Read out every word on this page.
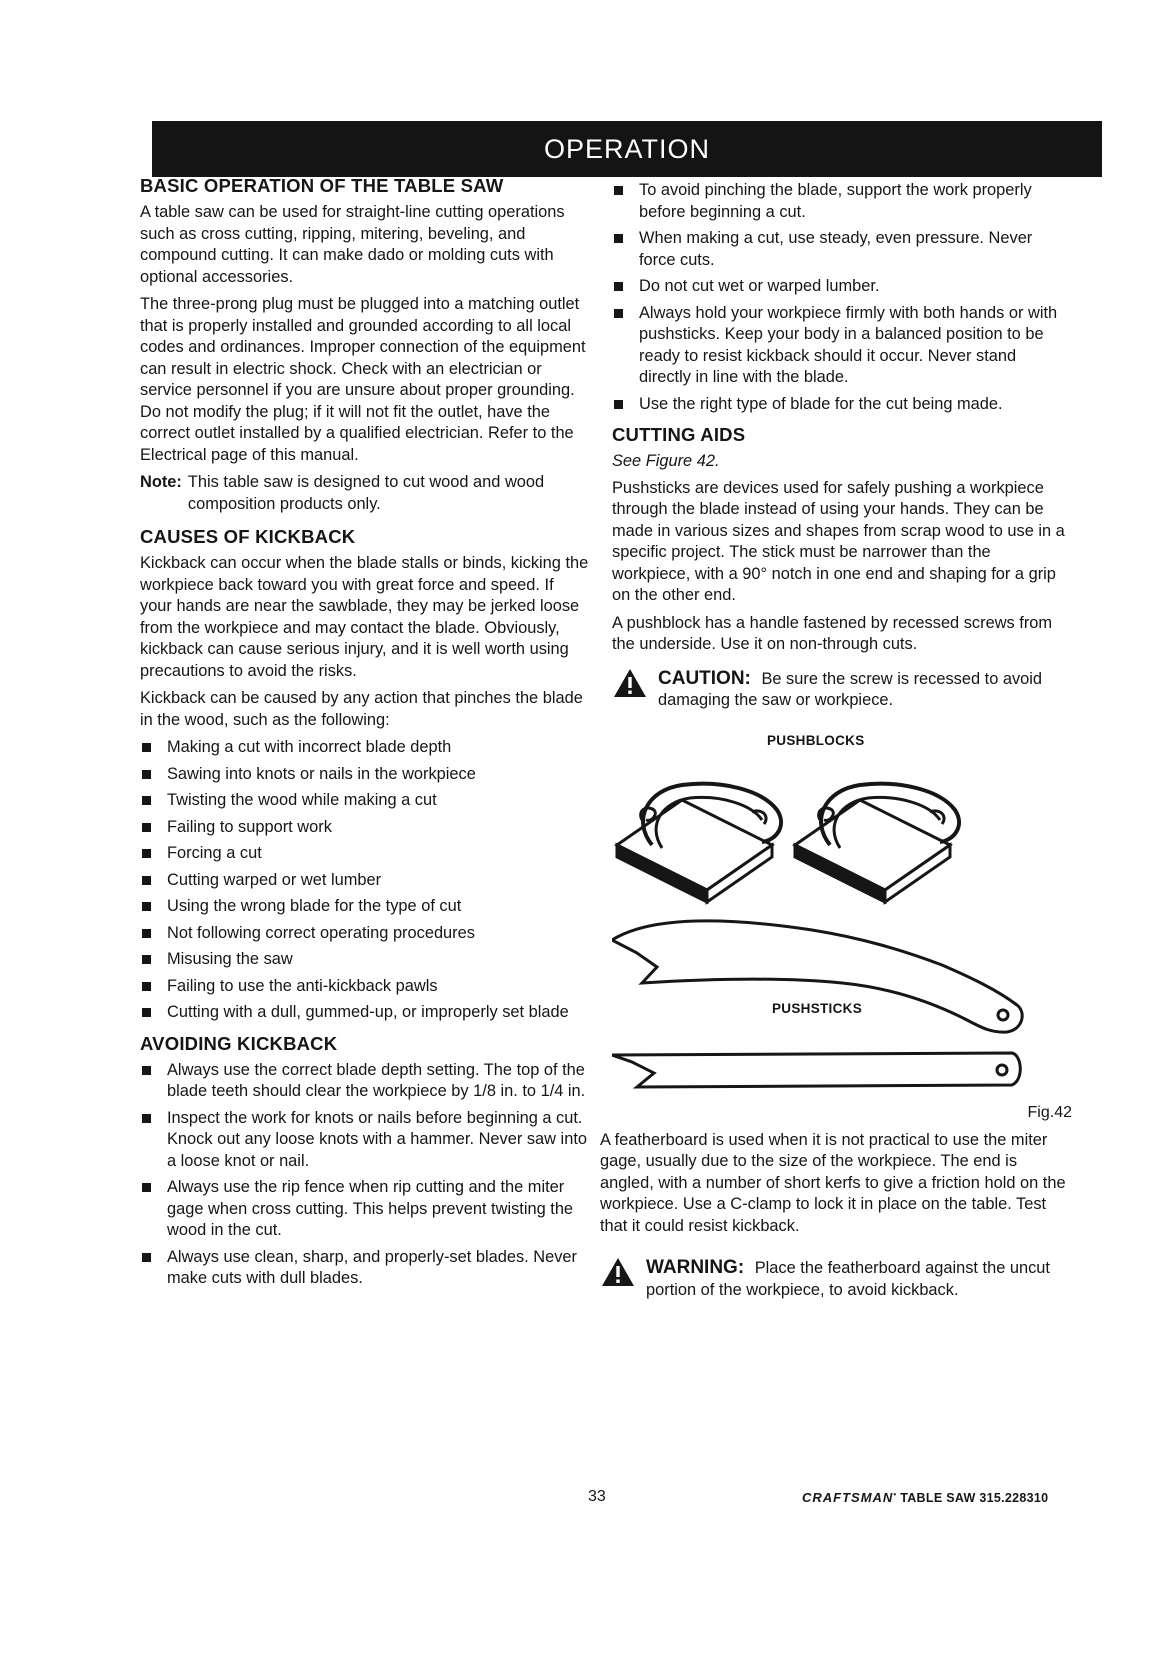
OPERATION
BASIC OPERATION OF THE TABLE SAW

A table saw can be used for straight-line cutting operations such as cross cutting, ripping, mitering, beveling, and compound cutting. It can make dado or molding cuts with optional accessories.

The three-prong plug must be plugged into a matching outlet that is properly installed and grounded according to all local codes and ordinances. Improper connection of the equipment can result in electric shock. Check with an electrician or service personnel if you are unsure about proper grounding. Do not modify the plug; if it will not fit the outlet, have the correct outlet installed by a qualified electrician. Refer to the Electrical page of this manual.

Note: This table saw is designed to cut wood and wood composition products only.
CAUSES OF KICKBACK

Kickback can occur when the blade stalls or binds, kicking the workpiece back toward you with great force and speed. If your hands are near the sawblade, they may be jerked loose from the workpiece and may contact the blade. Obviously, kickback can cause serious injury, and it is well worth using precautions to avoid the risks.

Kickback can be caused by any action that pinches the blade in the wood, such as the following:

Making a cut with incorrect blade depth
Sawing into knots or nails in the workpiece
Twisting the wood while making a cut
Failing to support work
Forcing a cut
Cutting warped or wet lumber
Using the wrong blade for the type of cut
Not following correct operating procedures
Misusing the saw
Failing to use the anti-kickback pawls
Cutting with a dull, gummed-up, or improperly set blade
AVOIDING KICKBACK
Always use the correct blade depth setting. The top of the blade teeth should clear the workpiece by 1/8 in. to 1/4 in.
Inspect the work for knots or nails before beginning a cut. Knock out any loose knots with a hammer. Never saw into a loose knot or nail.
Always use the rip fence when rip cutting and the miter gage when cross cutting. This helps prevent twisting the wood in the cut.
Always use clean, sharp, and properly-set blades. Never make cuts with dull blades.
To avoid pinching the blade, support the work properly before beginning a cut.
When making a cut, use steady, even pressure. Never force cuts.
Do not cut wet or warped lumber.
Always hold your workpiece firmly with both hands or with pushsticks. Keep your body in a balanced position to be ready to resist kickback should it occur. Never stand directly in line with the blade.
Use the right type of blade for the cut being made.
CUTTING AIDS

See Figure 42.

Pushsticks are devices used for safely pushing a workpiece through the blade instead of using your hands. They can be made in various sizes and shapes from scrap wood to use in a specific project. The stick must be narrower than the workpiece, with a 90° notch in one end and shaping for a grip on the other end.

A pushblock has a handle fastened by recessed screws from the underside. Use it on non-through cuts.

CAUTION: Be sure the screw is recessed to avoid damaging the saw or workpiece.
PUSHBLOCKS
PUSHSTICKS
Fig.42

A featherboard is used when it is not practical to use the miter gage, usually due to the size of the workpiece. The end is angled, with a number of short kerfs to give a friction hold on the workpiece. Use a C-clamp to lock it in place on the table. Test that it could resist kickback.

WARNING: Place the featherboard against the uncut portion of the workpiece, to avoid kickback.
33	CRAFTSMAN• TABLE SAW 315.228310
